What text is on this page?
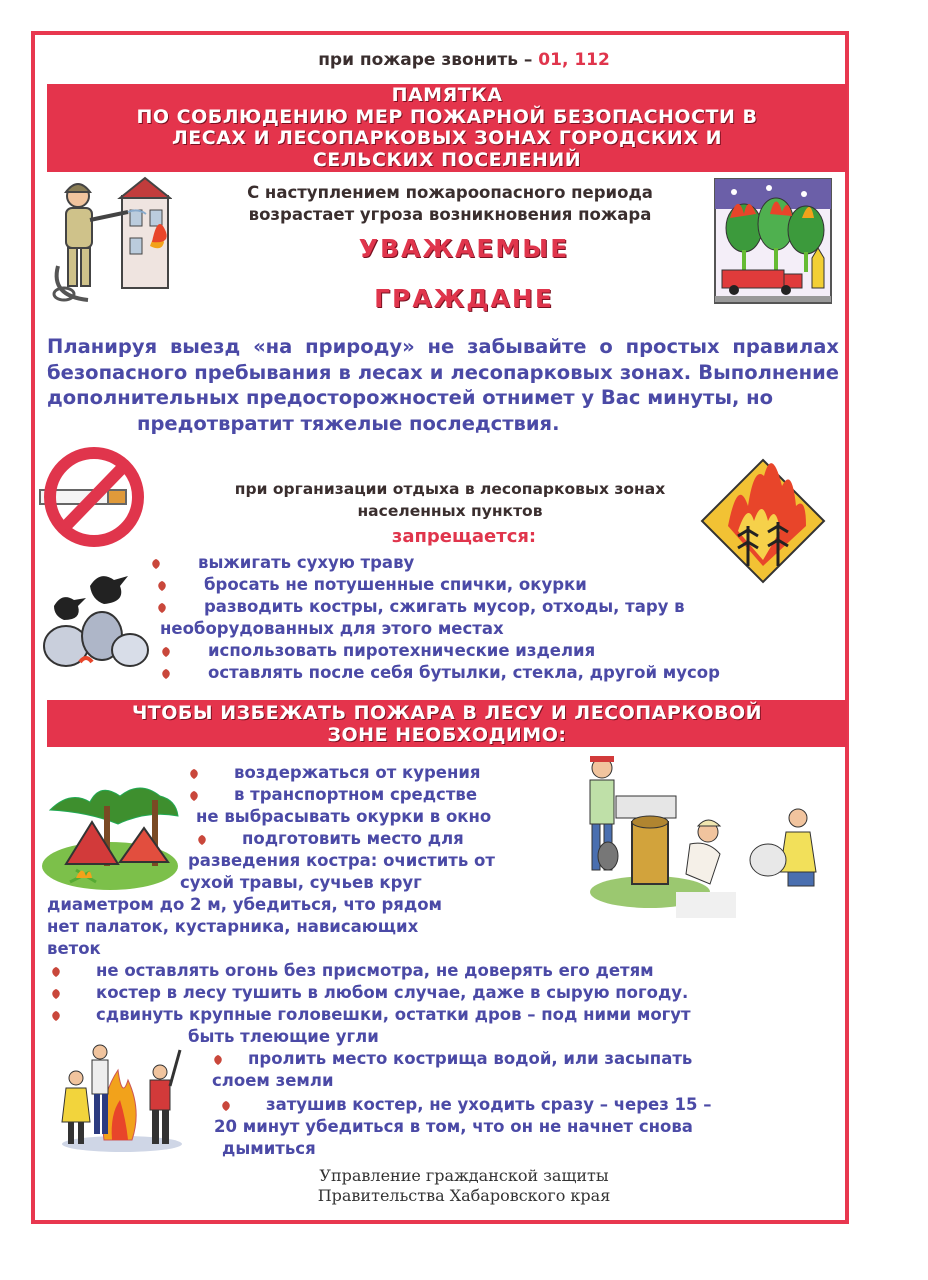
при пожаре звонить – 01, 112
ПАМЯТКА
ПО СОБЛЮДЕНИЮ МЕР ПОЖАРНОЙ БЕЗОПАСНОСТИ В
ЛЕСАХ И ЛЕСОПАРКОВЫХ ЗОНАХ ГОРОДСКИХ И
СЕЛЬСКИХ ПОСЕЛЕНИЙ
С наступлением пожароопасного периода
возрастает угроза возникновения пожара
УВАЖАЕМЫЕ
ГРАЖДАНЕ
Планируя выезд «на природу» не забывайте о простых правилах безопасного пребывания в лесах и лесопарковых зонах. Выполнение дополнительных предосторожностей отнимет у Вас минуты, но
предотвратит тяжелые последствия.
при организации отдыха в лесопарковых зонах
населенных пунктов
запрещается:
выжигать сухую траву
бросать не потушенные спички, окурки
разводить костры, сжигать мусор, отходы, тару в
необорудованных для этого местах
использовать пиротехнические изделия
оставлять после себя бутылки, стекла, другой мусор
ЧТОБЫ ИЗБЕЖАТЬ ПОЖАРА В ЛЕСУ И ЛЕСОПАРКОВОЙ
ЗОНЕ НЕОБХОДИМО:
воздержаться от курения
в транспортном средстве
не выбрасывать окурки в окно
подготовить место для
разведения костра: очистить от
сухой травы, сучьев круг
диаметром до 2 м, убедиться, что рядом
нет палаток, кустарника, нависающих
веток
не оставлять огонь без присмотра, не доверять его детям
костер в лесу тушить в любом случае, даже в сырую погоду.
сдвинуть крупные головешки, остатки дров – под ними могут
быть тлеющие угли
пролить место кострища водой, или засыпать
слоем земли
затушив костер, не уходить сразу – через 15 –
20 минут убедиться в том, что он не начнет снова
дымиться
Управление гражданской защиты
Правительства Хабаровского края
